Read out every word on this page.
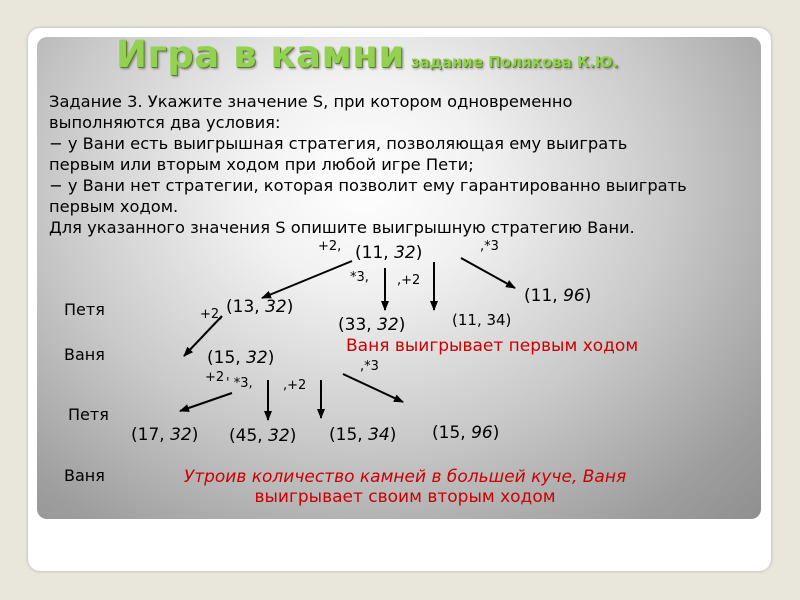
Игра в камни задание Полякова К.Ю.

Задание 3. Укажите значение S, при котором одновременно

выполняются два условия:

− у Вани есть выигрышная стратегия, позволяющая ему выиграть

первым или вторым ходом при любой игре Пети;

− у Вани нет стратегии, которая позволит ему гарантированно выиграть

первым ходом.

Для указанного значения S опишите выигрышную стратегию Вани.

Петя
Ваня
Петя
Ваня
+2,	,*3
*3, ,+2
+2,
+2 ' *3, ,+2
,*3
(11, 32)
(13, 32)
(33, 32)	(11, 34)
(11, 96)
(15, 32)
(17, 32) (45, 32) (15, 34) (15, 96)
Ваня выигрывает первым ходом
Утроив количество камней в большей куче, Ваня
выигрывает своим вторым ходом
